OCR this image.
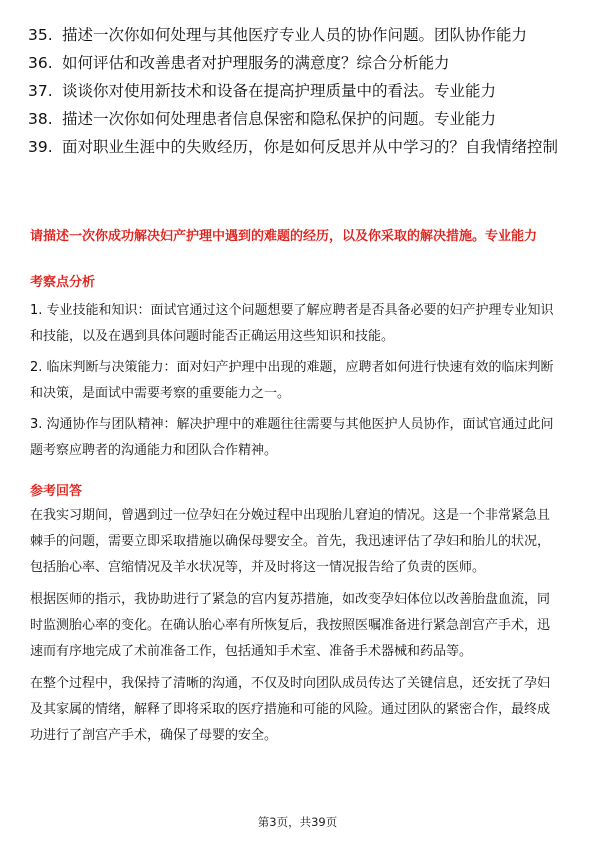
35. 描述一次你如何处理与其他医疗专业人员的协作问题。团队协作能力
36. 如何评估和改善患者对护理服务的满意度？综合分析能力
37. 谈谈你对使用新技术和设备在提高护理质量中的看法。专业能力
38. 描述一次你如何处理患者信息保密和隐私保护的问题。专业能力
39. 面对职业生涯中的失败经历，你是如何反思并从中学习的？自我情绪控制
请描述一次你成功解决妇产护理中遇到的难题的经历，以及你采取的解决措施。专业能力
考察点分析
1. 专业技能和知识：面试官通过这个问题想要了解应聘者是否具备必要的妇产护理专业知识和技能，以及在遇到具体问题时能否正确运用这些知识和技能。
2. 临床判断与决策能力：面对妇产护理中出现的难题，应聘者如何进行快速有效的临床判断和决策，是面试中需要考察的重要能力之一。
3. 沟通协作与团队精神：解决护理中的难题往往需要与其他医护人员协作，面试官通过此问题考察应聘者的沟通能力和团队合作精神。
参考回答
在我实习期间，曾遇到过一位孕妇在分娩过程中出现胎儿窘迫的情况。这是一个非常紧急且棘手的问题，需要立即采取措施以确保母婴安全。首先，我迅速评估了孕妇和胎儿的状况，包括胎心率、宫缩情况及羊水状况等，并及时将这一情况报告给了负责的医师。
根据医师的指示，我协助进行了紧急的宫内复苏措施，如改变孕妇体位以改善胎盘血流，同时监测胎心率的变化。在确认胎心率有所恢复后，我按照医嘱准备进行紧急剖宫产手术，迅速而有序地完成了术前准备工作，包括通知手术室、准备手术器械和药品等。
在整个过程中，我保持了清晰的沟通，不仅及时向团队成员传达了关键信息，还安抚了孕妇及其家属的情绪，解释了即将采取的医疗措施和可能的风险。通过团队的紧密合作，最终成功进行了剖宫产手术，确保了母婴的安全。
第3页，共39页
